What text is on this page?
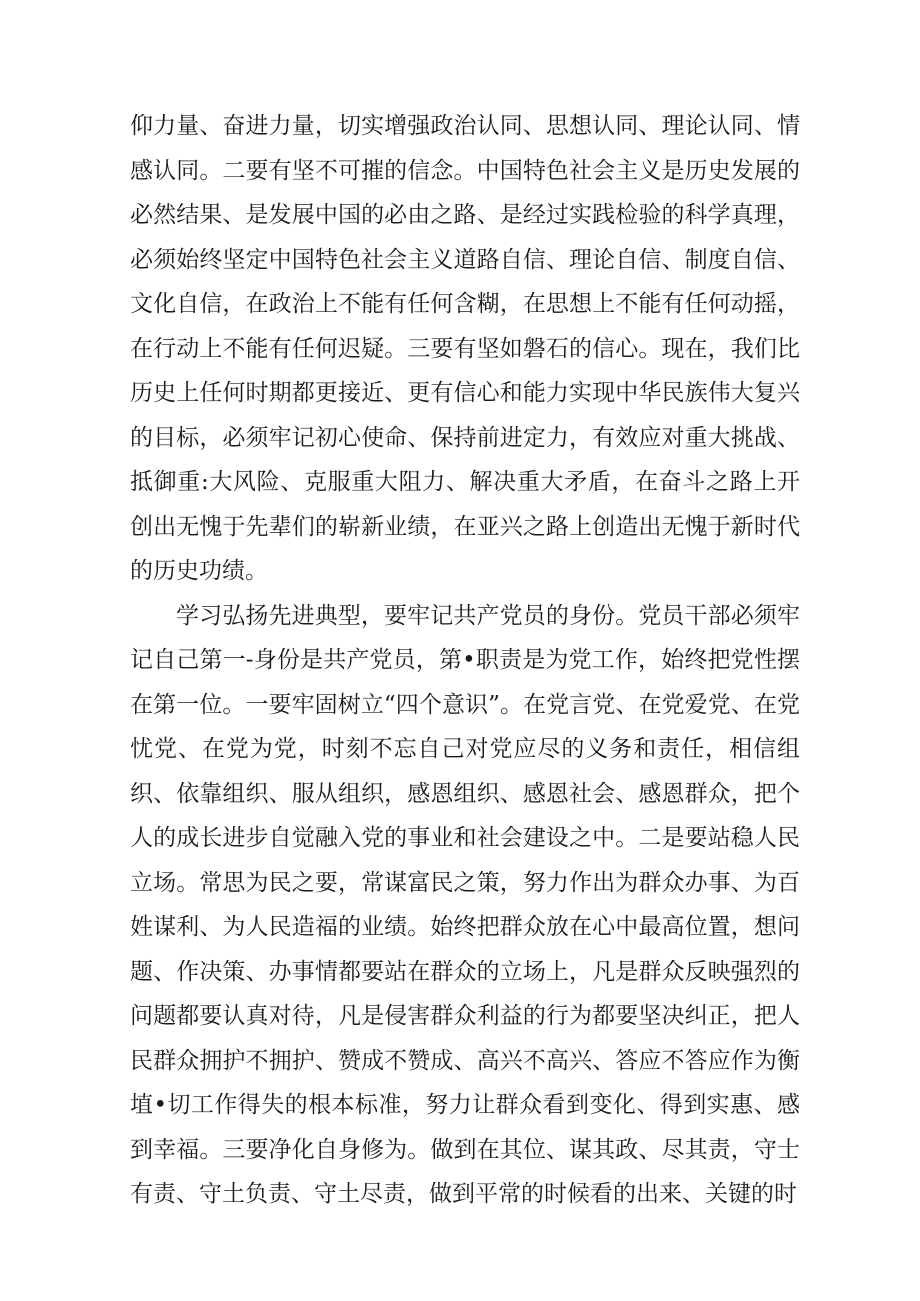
仰力量、奋进力量，切实增强政治认同、思想认同、理论认同、情感认同。二要有坚不可摧的信念。中国特色社会主义是历史发展的必然结果、是发展中国的必由之路、是经过实践检验的科学真理，必须始终坚定中国特色社会主义道路自信、理论自信、制度自信、文化自信，在政治上不能有任何含糊，在思想上不能有任何动摇，在行动上不能有任何迟疑。三要有坚如磐石的信心。现在，我们比历史上任何时期都更接近、更有信心和能力实现中华民族伟大复兴的目标，必须牢记初心使命、保持前进定力，有效应对重大挑战、抵御重:大风险、克服重大阻力、解决重大矛盾，在奋斗之路上开创出无愧于先辈们的崭新业绩，在亚兴之路上创造出无愧于新时代的历史功绩。

学习弘扬先进典型，要牢记共产党员的身份。党员干部必须牢记自己第一-身份是共产党员，第•职责是为党工作，始终把党性摆在第一位。一要牢固树立“四个意识”。在党言党、在党爱党、在党忧党、在党为党，时刻不忘自己对党应尽的义务和责任，相信组织、依靠组织、服从组织，感恩组织、感恩社会、感恩群众，把个人的成长进步自觉融入党的事业和社会建设之中。二是要站稳人民立场。常思为民之要，常谋富民之策，努力作出为群众办事、为百姓谋利、为人民造福的业绩。始终把群众放在心中最高位置，想问题、作决策、办事情都要站在群众的立场上，凡是群众反映强烈的问题都要认真对待，凡是侵害群众利益的行为都要坚决纠正，把人民群众拥护不拥护、赞成不赞成、高兴不高兴、答应不答应作为衡埴•切工作得失的根本标准，努力让群众看到变化、得到实惠、感到幸福。三要净化自身修为。做到在其位、谋其政、尽其责，守士有责、守土负责、守土尽责，做到平常的时候看的出来、关键的时
